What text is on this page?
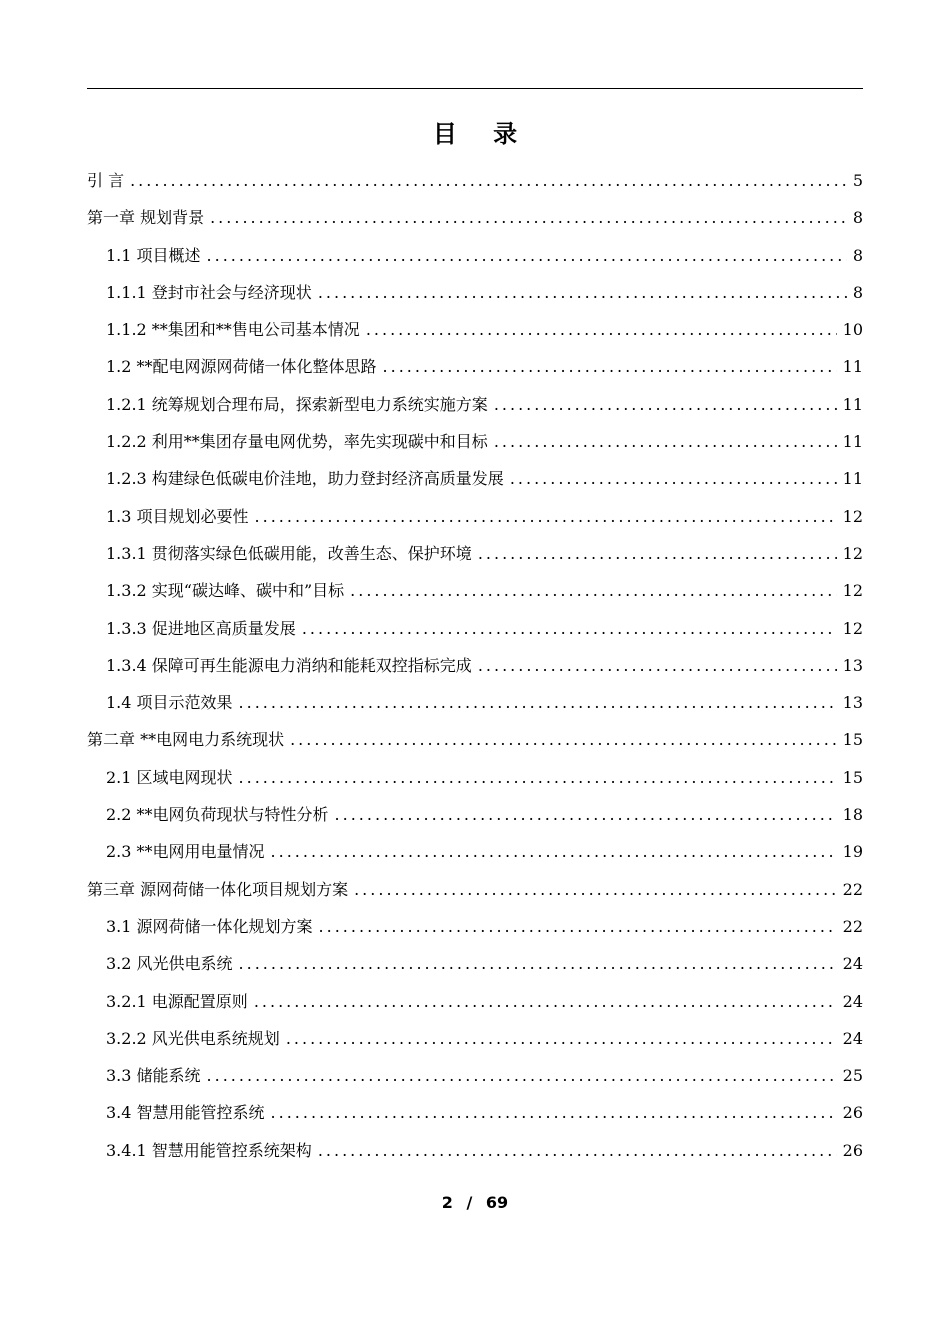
目 录
引 言 .....	5
第一章 规划背景 .....	8
1.1 项目概述 .....	8
1.1.1 登封市社会与经济现状 .....	8
1.1.2 **集团和**售电公司基本情况 .....	10
1.2 **配电网源网荷储一体化整体思路 .....	11
1.2.1 统筹规划合理布局，探索新型电力系统实施方案 .....	11
1.2.2 利用**集团存量电网优势，率先实现碳中和目标 .....	11
1.2.3 构建绿色低碳电价洼地，助力登封经济高质量发展 .....	11
1.3 项目规划必要性 .....	12
1.3.1 贯彻落实绿色低碳用能，改善生态、保护环境 .....	12
1.3.2 实现“碳达峰、碳中和”目标 .....	12
1.3.3 促进地区高质量发展 .....	12
1.3.4 保障可再生能源电力消纳和能耗双控指标完成 .....	13
1.4 项目示范效果 .....	13
第二章 **电网电力系统现状 .....	15
2.1 区域电网现状 .....	15
2.2 **电网负荷现状与特性分析 .....	18
2.3 **电网用电量情况 .....	19
第三章 源网荷储一体化项目规划方案 .....	22
3.1 源网荷储一体化规划方案 .....	22
3.2 风光供电系统 .....	24
3.2.1 电源配置原则 .....	24
3.2.2 风光供电系统规划 .....	24
3.3 储能系统 .....	25
3.4 智慧用能管控系统 .....	26
3.4.1 智慧用能管控系统架构 .....	26
2 / 69
